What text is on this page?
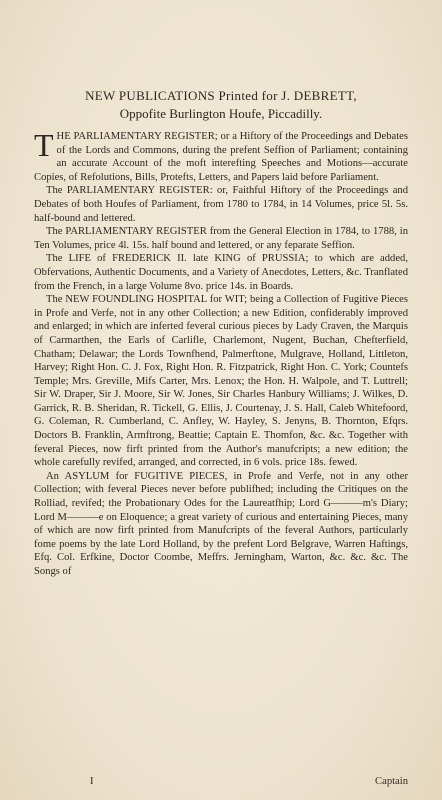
NEW PUBLICATIONS Printed for J. DEBRETT,
Oppofite Burlington Houfe, Piccadilly.

THE PARLIAMENTARY REGISTER; or a Hiftory of the Proceedings and Debates of the Lords and Commons, during the prefent Seffion of Parliament; containing an accurate Account of the moft interefting Speeches and Motions—accurate Copies, of Refolutions, Bills, Protefts, Letters, and Papers laid before Parliament.

The PARLIAMENTARY REGISTER: or, Faithful Hiftory of the Proceedings and Debates of both Houfes of Parliament, from 1780 to 1784, in 14 Volumes, price 5l. 5s. half-bound and lettered.

The PARLIAMENTARY REGISTER from the General Election in 1784, to 1788, in Ten Volumes, price 4l. 15s. half bound and lettered, or any feparate Seffion.

The LIFE of FREDERICK II. late KING of PRUSSIA; to which are added, Obfervations, Authentic Documents, and a Variety of Anecdotes, Letters, &c. Tranflated from the French, in a large Volume 8vo. price 14s. in Boards.

The NEW FOUNDLING HOSPITAL for WIT; being a Collection of Fugitive Pieces in Profe and Verfe, not in any other Collection; a new Edition, confiderably improved and enlarged; in which are inferted feveral curious pieces by Lady Craven, the Marquis of Carmarthen, the Earls of Carlifle, Charlemont, Nugent, Buchan, Chefterfield, Chatham; Delawar; the Lords Townfhend, Palmerftone, Mulgrave, Holland, Littleton, Harvey; Right Hon. C. J. Fox, Right Hon. R. Fitzpatrick, Right Hon. C. York; Countefs Temple; Mrs. Greville, Mifs Carter, Mrs. Lenox; the Hon. H. Walpole, and T. Luttrell; Sir W. Draper, Sir J. Moore, Sir W. Jones, Sir Charles Hanbury Williams; J. Wilkes, D. Garrick, R. B. Sheridan, R. Tickell, G. Ellis, J. Courtenay, J. S. Hall, Caleb Whitefoord, G. Coleman, R. Cumberland, C. Anfley, W. Hayley, S. Jenyns, B. Thornton, Efqrs. Doctors B. Franklin, Armftrong, Beattie; Captain E. Thomfon, &c. &c. Together with feveral Pieces, now firft printed from the Author's manufcripts; a new edition; the whole carefully revifed, arranged, and corrected, in 6 vols. price 18s. fewed.

An ASYLUM for FUGITIVE PIECES, in Profe and Verfe, not in any other Collection; with feveral Pieces never before publifhed; including the Critiques on the Rolliad, revifed; the Probationary Odes for the Laureatfhip; Lord G———m's Diary; Lord M———e on Eloquence; a great variety of curious and entertaining Pieces, many of which are now firft printed from Manufcripts of the feveral Authors, particularly fome poems by the late Lord Holland, by the prefent Lord Belgrave, Warren Haftings, Efq. Col. Erfkine, Doctor Coombe, Meffrs. Jerningham, Warton, &c. &c. &c. The Songs of

I	Captain
